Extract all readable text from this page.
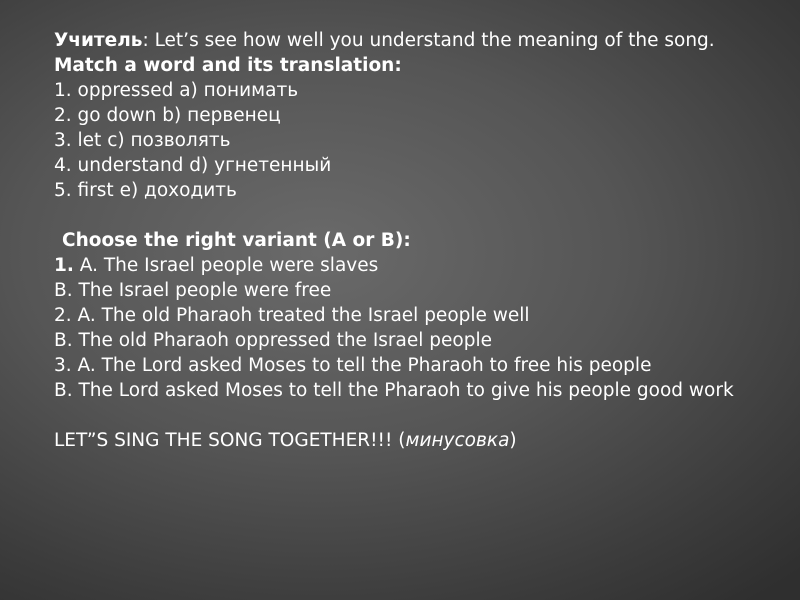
Учитель: Let’s see how well you understand the meaning of the song.

Match a word and its translation:

1. oppressed a) понимать

2. go down b) первенец

3. let c) позволять

4. understand d) угнетенный

5. first e) доходить

Choose the right variant (A or B):

1. A. The Israel people were slaves

B. The Israel people were free

2. A. The old Pharaoh treated the Israel people well

B. The old Pharaoh oppressed the Israel people

3. A. The Lord asked Moses to tell the Pharaoh to free his people

B. The Lord asked Moses to tell the Pharaoh to give his people good work

LET”S SING THE SONG TOGETHER!!! (минусовка)
